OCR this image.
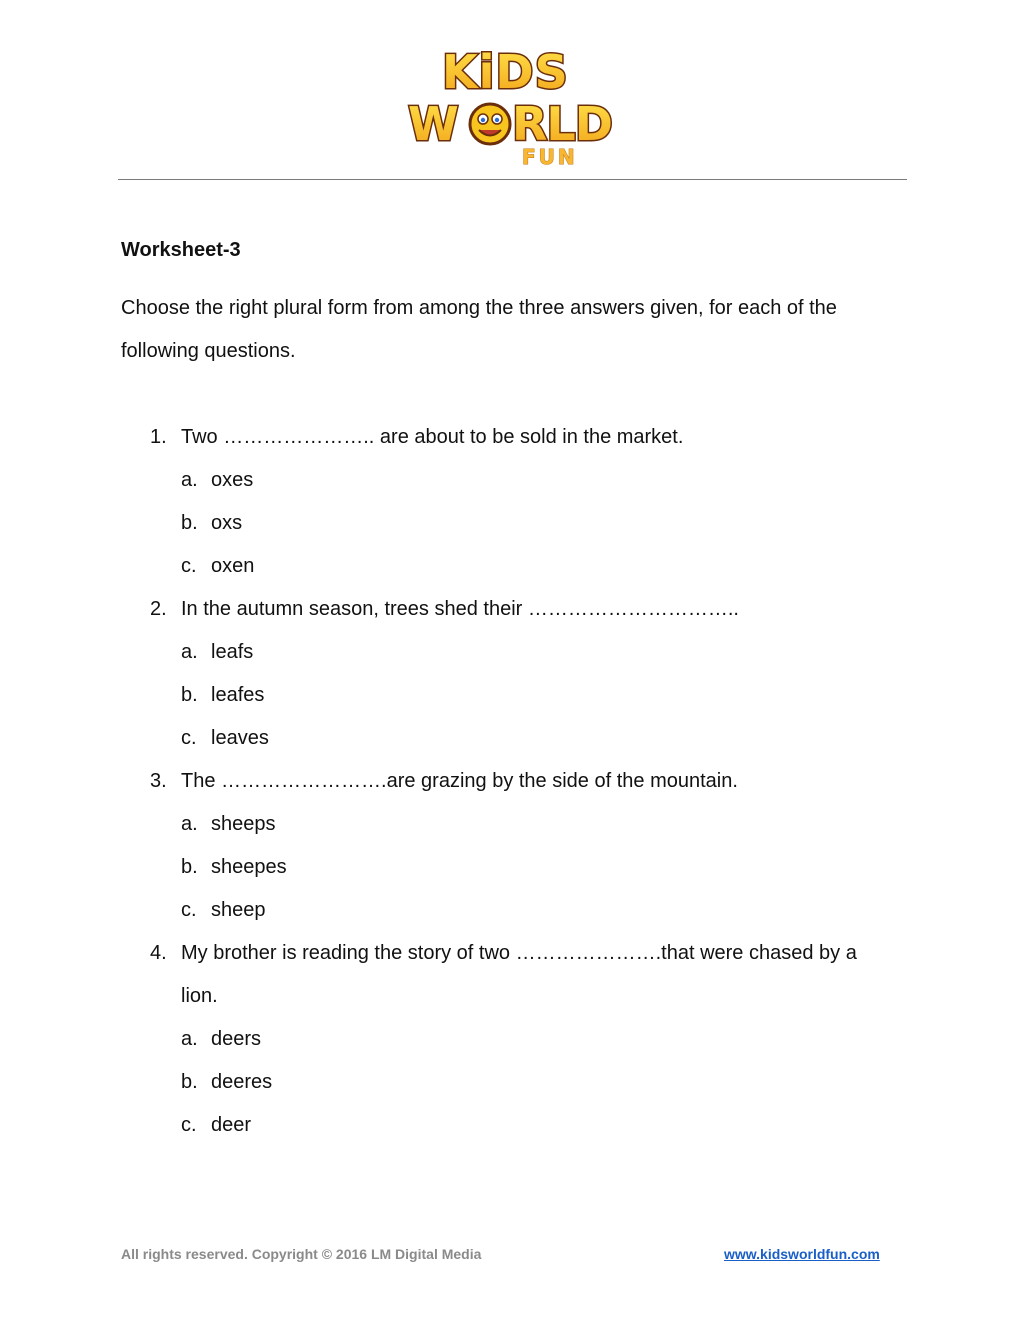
KiDS
W RLD
FUN
Worksheet-3

Choose the right plural form from among the three answers given, for each of the following questions.

1. Two ………………….. are about to be sold in the market.
a. oxes
b. oxs
c. oxen
2. In the autumn season, trees shed their …………………………..
a. leafs
b. leafes
c. leaves
3. The …………………….are grazing by the side of the mountain.
a. sheeps
b. sheepes
c. sheep
4. My brother is reading the story of two ………………….that were chased by a lion.
a. deers
b. deeres
c. deer
All rights reserved. Copyright © 2016 LM Digital Media	www.kidsworldfun.com
